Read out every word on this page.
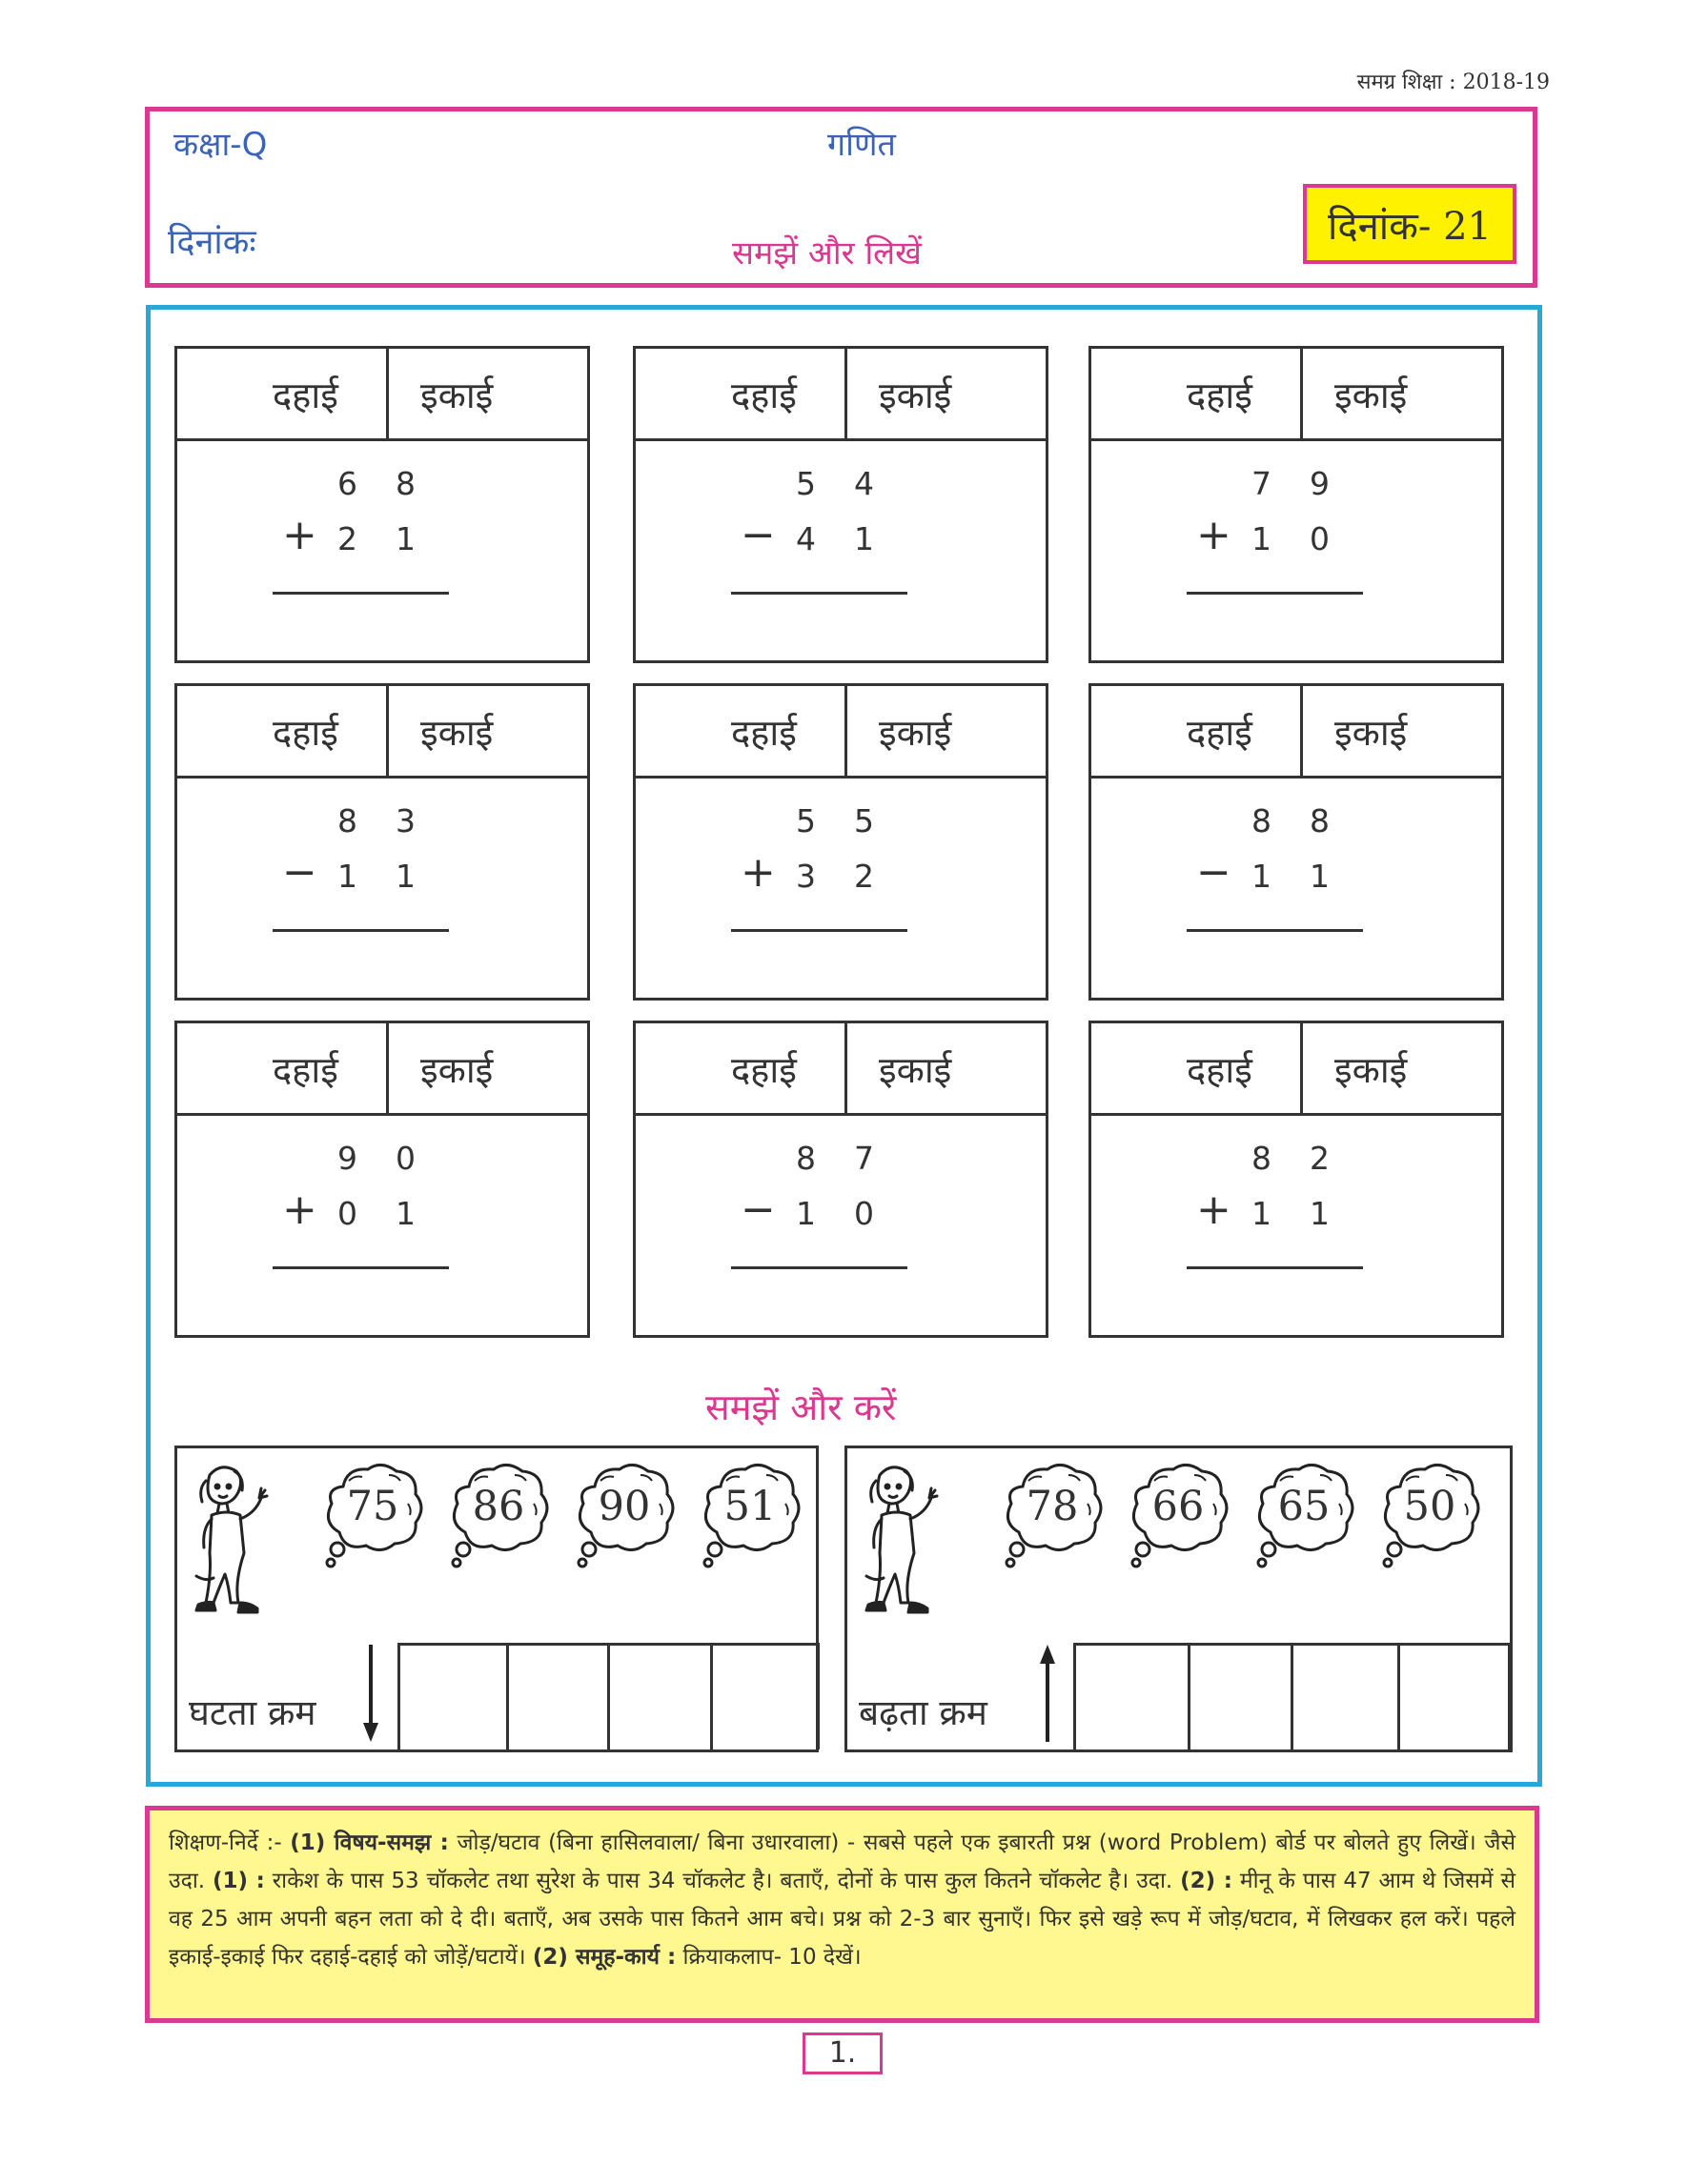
समग्र शिक्षा : 2018-19
कक्षा-Q	गणित
दिनांकः	समझें और लिखें
दिनांक- 21
दहाई इकाई
6 8
+ 2 1
दहाई इकाई
5 4
− 4 1
दहाई इकाई
7 9
+ 1 0
दहाई इकाई
8 3
− 1 1
दहाई इकाई
5 5
+ 3 2
दहाई इकाई
8 8
− 1 1
दहाई इकाई
9 0
+ 0 1
दहाई इकाई
8 7
− 1 0
दहाई इकाई
8 2
+ 1 1
समझें और करें
75	86	90	51
घटता क्रम
78	66	65	50
बढ़ता क्रम
शिक्षण-निर्दे :- (1) विषय-समझ : जोड़/घटाव (बिना हासिलवाला/ बिना उधारवाला) - सबसे पहले एक इबारती प्रश्न (word Problem) बोर्ड पर बोलते हुए लिखें। जैसे उदा. (1) : राकेश के पास 53 चॉकलेट तथा सुरेश के पास 34 चॉकलेट है। बताएँ, दोनों के पास कुल कितने चॉकलेट है। उदा. (2) : मीनू के पास 47 आम थे जिसमें से वह 25 आम अपनी बहन लता को दे दी। बताएँ, अब उसके पास कितने आम बचे। प्रश्न को 2-3 बार सुनाएँ। फिर इसे खड़े रूप में जोड़/घटाव, में लिखकर हल करें। पहले इकाई-इकाई फिर दहाई-दहाई को जोड़ें/घटायें। (2) समूह-कार्य : क्रियाकलाप- 10 देखें।
1.
